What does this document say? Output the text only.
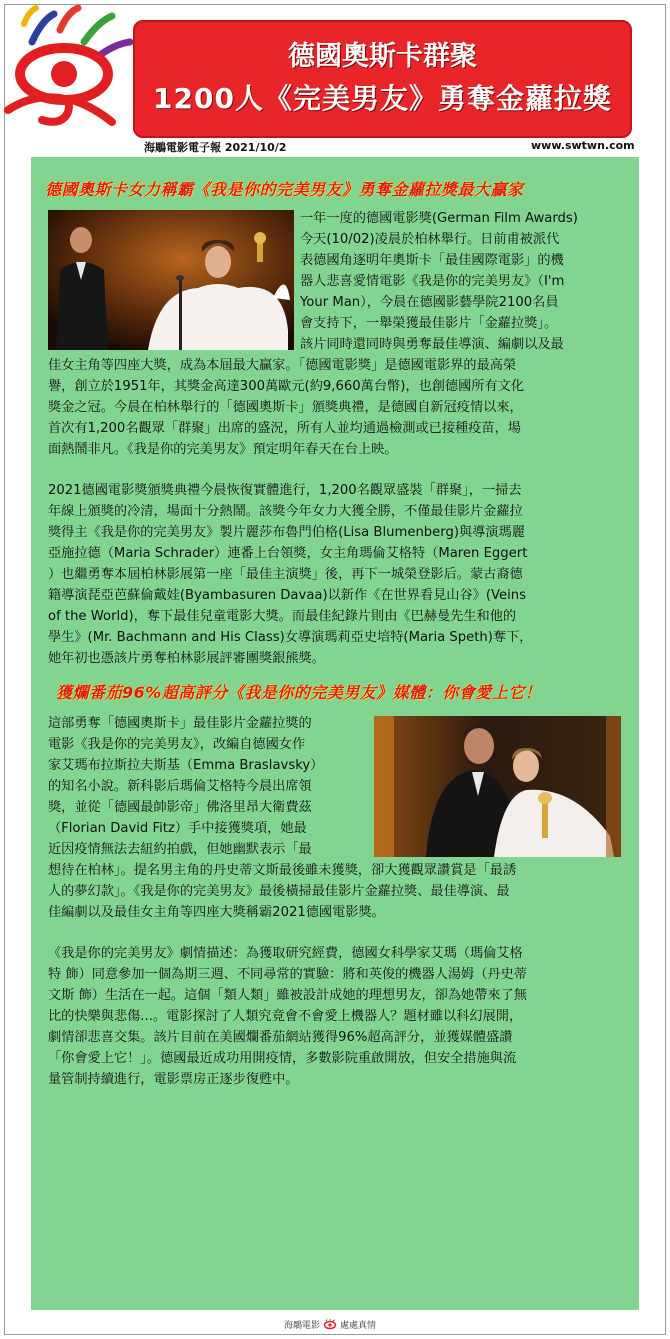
德國奧斯卡群聚
1200人《完美男友》勇奪金蘿拉獎
海鵰電影電子報 2021/10/2	www.swtwn.com
德國奧斯卡女力稱霸《我是你的完美男友》勇奪金蘿拉獎最大贏家
一年一度的德國電影獎(German Film Awards)
今天(10/02)凌晨於柏林舉行。日前甫被派代
表德國角逐明年奧斯卡「最佳國際電影」的機
器人悲喜愛情電影《我是你的完美男友》（I'm
Your Man），今晨在德國影藝學院2100名員
會支持下，一舉榮獲最佳影片「金蘿拉獎」。
該片同時還同時與勇奪最佳導演、編劇以及最
佳女主角等四座大獎，成為本屆最大贏家。「德國電影獎」是德國電影界的最高榮
譽，創立於1951年，其獎金高達300萬歐元(約9,660萬台幣)，也創德國所有文化
獎金之冠。今晨在柏林舉行的「德國奧斯卡」頒獎典禮，是德國自新冠疫情以來，
首次有1,200名觀眾「群聚」出席的盛況，所有人並均通過檢測或已接種疫苗，場
面熱鬧非凡。《我是你的完美男友》預定明年春天在台上映。
2021德國電影獎頒獎典禮今晨恢復實體進行，1,200名觀眾盛裝「群聚」，一掃去
年線上頒獎的冷清，場面十分熱鬧。該獎今年女力大獲全勝，不僅最佳影片金蘿拉
獎得主《我是你的完美男友》製片麗莎布魯門伯格(Lisa Blumenberg)與導演瑪麗
亞施拉德（Maria Schrader）連番上台領獎，女主角瑪倫艾格特（Maren Eggert
）也繼勇奪本屆柏林影展第一座「最佳主演獎」後，再下一城榮登影后。蒙古裔德
籍導演琵亞芭蘇倫戴娃(Byambasuren Davaa)以新作《在世界看見山谷》(Veins
of the World)，奪下最佳兒童電影大獎。而最佳紀錄片則由《巴赫曼先生和他的
學生》(Mr. Bachmann and His Class)女導演瑪莉亞史培特(Maria Speth)奪下，
她年初也憑該片勇奪柏林影展評審團獎銀熊獎。
獲爛番茄96%超高評分《我是你的完美男友》媒體：你會愛上它！
這部勇奪「德國奧斯卡」最佳影片金蘿拉獎的
電影《我是你的完美男友》，改編自德國女作
家艾瑪布拉斯拉夫斯基（Emma Braslavsky）
的知名小說。新科影后瑪倫艾格特今晨出席領
獎，並從「德國最帥影帝」佛洛里昂大衛費茲
（Florian David Fitz）手中接獲獎項，她最
近因疫情無法去紐約拍戲，但她幽默表示「最
想待在柏林」。提名男主角的丹史蒂文斯最後雖未獲獎，卻大獲觀眾讚賞是「最誘
人的夢幻款」。《我是你的完美男友》最後橫掃最佳影片金蘿拉獎、最佳導演、最
佳編劇以及最佳女主角等四座大獎稱霸2021德國電影獎。
《我是你的完美男友》劇情描述：為獲取研究經費，德國女科學家艾瑪（瑪倫艾格
特 飾）同意參加一個為期三週、不同尋常的實驗：將和英俊的機器人湯姆（丹史蒂
文斯 飾）生活在一起。這個「類人類」雖被設計成她的理想男友，卻為她帶來了無
比的快樂與悲傷...。電影探討了人類究竟會不會愛上機器人？題材雖以科幻展開，
劇情卻悲喜交集。該片目前在美國爛番茄網站獲得96%超高評分，並獲媒體盛讚
「你會愛上它！」。德國最近成功用開疫情，多數影院重啟開放，但安全措施與流
量管制持續進行，電影票房正逐步復甦中。
海鵰電影 處處真情
